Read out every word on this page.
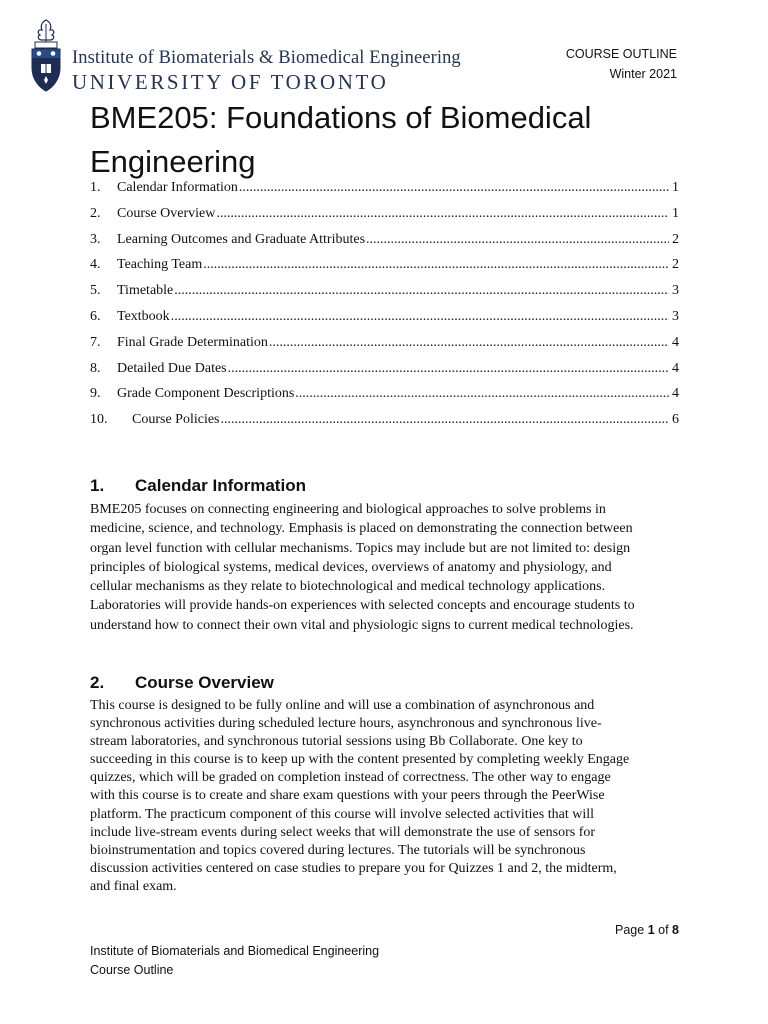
Institute of Biomaterials & Biomedical Engineering
UNIVERSITY OF TORONTO
COURSE OUTLINE
Winter 2021
BME205: Foundations of Biomedical Engineering
1.	Calendar Information .....	1
2.	Course Overview .....	1
3.	Learning Outcomes and Graduate Attributes .....	2
4.	Teaching Team .....	2
5.	Timetable .....	3
6.	Textbook .....	3
7.	Final Grade Determination .....	4
8.	Detailed Due Dates .....	4
9.	Grade Component Descriptions .....	4
10.	Course Policies .....	6
1. Calendar Information

BME205 focuses on connecting engineering and biological approaches to solve problems in
medicine, science, and technology. Emphasis is placed on demonstrating the connection between
organ level function with cellular mechanisms. Topics may include but are not limited to: design
principles of biological systems, medical devices, overviews of anatomy and physiology, and
cellular mechanisms as they relate to biotechnological and medical technology applications.
Laboratories will provide hands-on experiences with selected concepts and encourage students to
understand how to connect their own vital and physiologic signs to current medical technologies.

2. Course Overview

This course is designed to be fully online and will use a combination of asynchronous and
synchronous activities during scheduled lecture hours, asynchronous and synchronous live-
stream laboratories, and synchronous tutorial sessions using Bb Collaborate. One key to
succeeding in this course is to keep up with the content presented by completing weekly Engage
quizzes, which will be graded on completion instead of correctness. The other way to engage
with this course is to create and share exam questions with your peers through the PeerWise
platform. The practicum component of this course will involve selected activities that will
include live-stream events during select weeks that will demonstrate the use of sensors for
bioinstrumentation and topics covered during lectures. The tutorials will be synchronous
discussion activities centered on case studies to prepare you for Quizzes 1 and 2, the midterm,
and final exam.

Page 1 of 8
Institute of Biomaterials and Biomedical Engineering
Course Outline
